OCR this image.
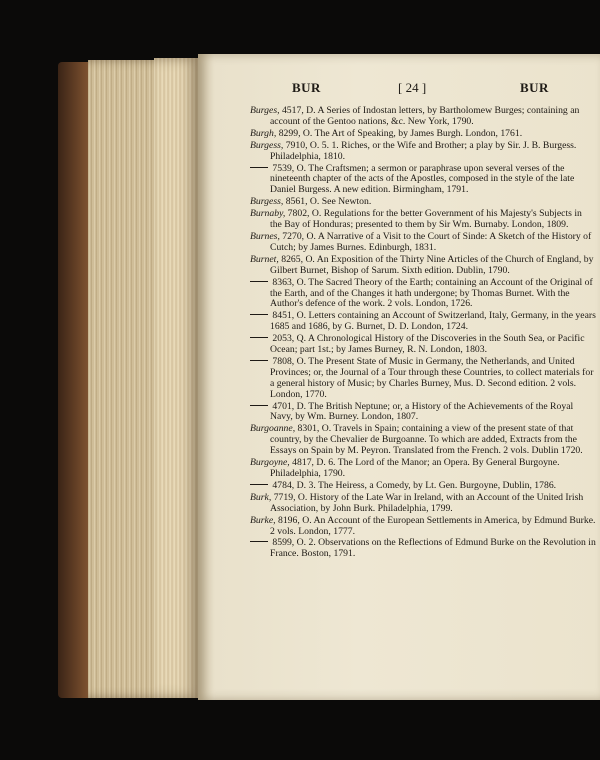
BUR	[ 24 ]	BUR
Burges, 4517, D. A Series of Indostan letters, by Bartholomew Burges; containing an account of the Gentoo nations, &c. New York, 1790.
Burgh, 8299, O. The Art of Speaking, by James Burgh. London, 1761.
Burgess, 7910, O. 5. 1. Riches, or the Wife and Brother; a play by Sir. J. B. Burgess. Philadelphia, 1810.
7539, O. The Craftsmen; a sermon or paraphrase upon several verses of the nineteenth chapter of the acts of the Apostles, composed in the style of the late Daniel Burgess. A new edition. Birmingham, 1791.
Burgess, 8561, O. See Newton.
Burnaby, 7802, O. Regulations for the better Government of his Majesty's Subjects in the Bay of Honduras; presented to them by Sir Wm. Burnaby. London, 1809.
Burnes, 7270, O. A Narrative of a Visit to the Court of Sinde: A Sketch of the History of Cutch; by James Burnes. Edinburgh, 1831.
Burnet, 8265, O. An Exposition of the Thirty Nine Articles of the Church of England, by Gilbert Burnet, Bishop of Sarum. Sixth edition. Dublin, 1790.
8363, O. The Sacred Theory of the Earth; containing an Account of the Original of the Earth, and of the Changes it hath undergone; by Thomas Burnet. With the Author's defence of the work. 2 vols. London, 1726.
8451, O. Letters containing an Account of Switzerland, Italy, Germany, in the years 1685 and 1686, by G. Burnet, D. D. London, 1724.
2053, Q. A Chronological History of the Discoveries in the South Sea, or Pacific Ocean; part 1st.; by James Burney, R. N. London, 1803.
7808, O. The Present State of Music in Germany, the Netherlands, and United Provinces; or, the Journal of a Tour through these Countries, to collect materials for a general history of Music; by Charles Burney, Mus. D. Second edition. 2 vols. London, 1770.
4701, D. The British Neptune; or, a History of the Achievements of the Royal Navy, by Wm. Burney. London, 1807.
Burgoanne, 8301, O. Travels in Spain; containing a view of the present state of that country, by the Chevalier de Burgoanne. To which are added, Extracts from the Essays on Spain by M. Peyron. Translated from the French. 2 vols. Dublin 1720.
Burgoyne, 4817, D. 6. The Lord of the Manor; an Opera. By General Burgoyne. Philadelphia, 1790.
4784, D. 3. The Heiress, a Comedy, by Lt. Gen. Burgoyne, Dublin, 1786.
Burk, 7719, O. History of the Late War in Ireland, with an Account of the United Irish Association, by John Burk. Philadelphia, 1799.
Burke, 8196, O. An Account of the European Settlements in America, by Edmund Burke. 2 vols. London, 1777.
8599, O. 2. Observations on the Reflections of Edmund Burke on the Revolution in France. Boston, 1791.
